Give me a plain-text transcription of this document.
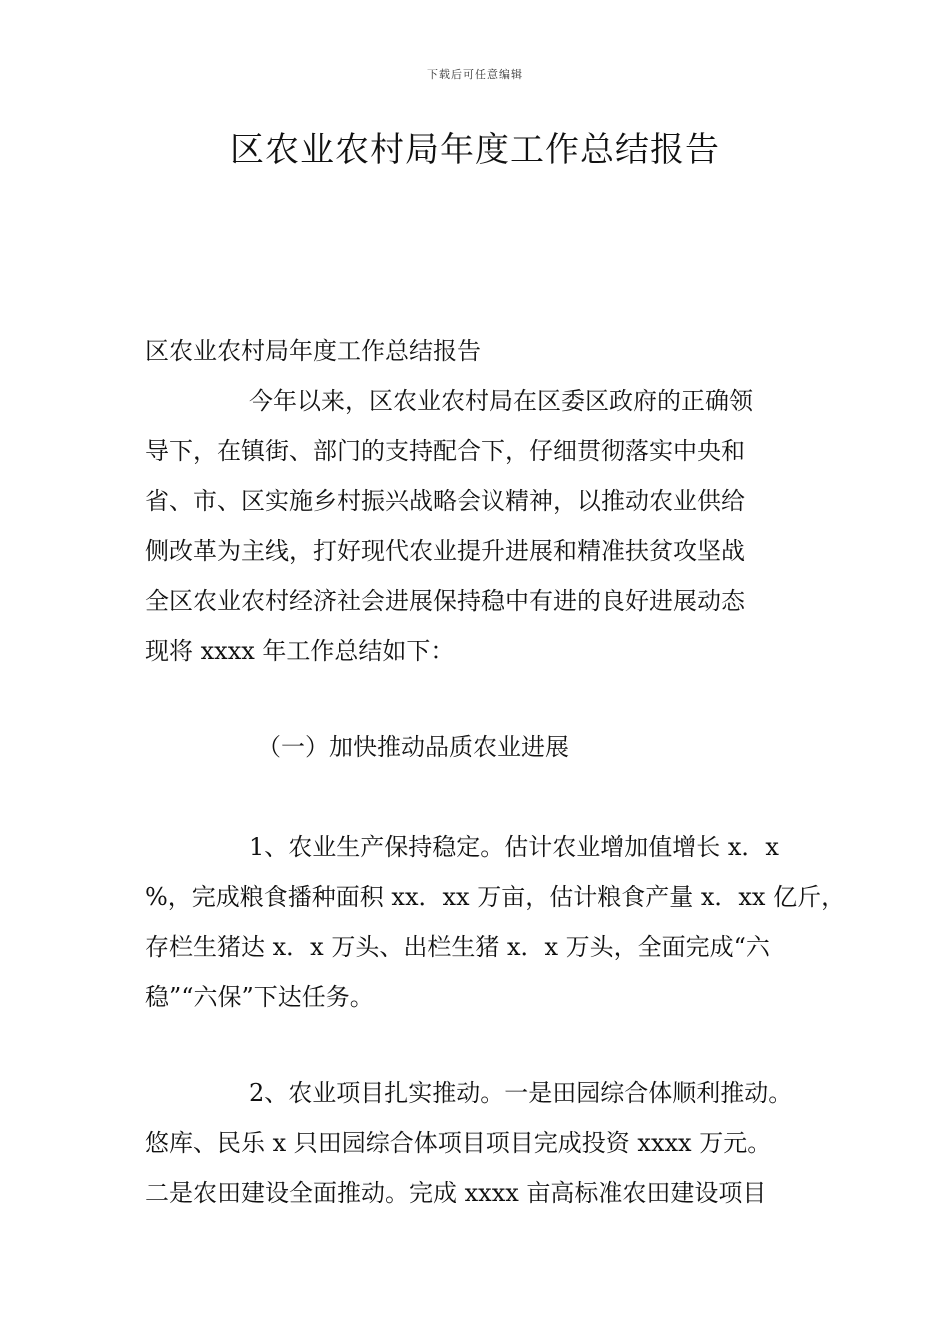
下载后可任意编辑
区农业农村局年度工作总结报告

区农业农村局年度工作总结报告

今年以来，区农业农村局在区委区政府的正确领
导下，在镇街、部门的支持配合下，仔细贯彻落实中央和
省、市、区实施乡村振兴战略会议精神，以推动农业供给
侧改革为主线，打好现代农业提升进展和精准扶贫攻坚战
全区农业农村经济社会进展保持稳中有进的良好进展动态
现将 xxxx 年工作总结如下：

（一）加快推动品质农业进展

1、农业生产保持稳定。估计农业增加值增长 x．x
%，完成粮食播种面积 xx．xx 万亩，估计粮食产量 x．xx 亿斤，
存栏生猪达 x．x 万头、出栏生猪 x．x 万头，全面完成“六
稳”“六保”下达任务。
2、农业项目扎实推动。一是田园综合体顺利推动。
悠库、民乐 x 只田园综合体项目项目完成投资 xxxx 万元。
二是农田建设全面推动。完成 xxxx 亩高标准农田建设项目
